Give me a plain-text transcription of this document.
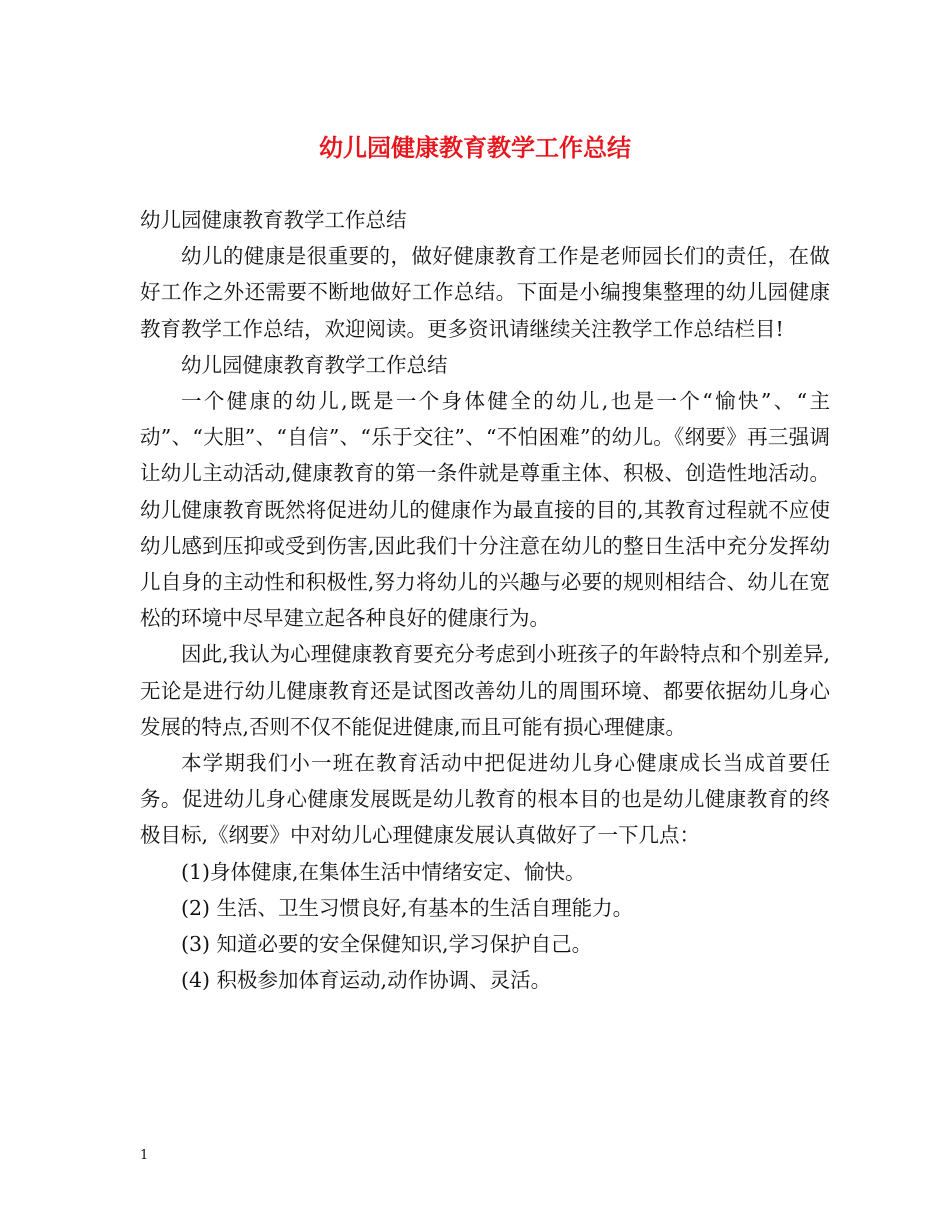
幼儿园健康教育教学工作总结

幼儿园健康教育教学工作总结

幼儿的健康是很重要的，做好健康教育工作是老师园长们的责任，在做好工作之外还需要不断地做好工作总结。下面是小编搜集整理的幼儿园健康教育教学工作总结，欢迎阅读。更多资讯请继续关注教学工作总结栏目!

幼儿园健康教育教学工作总结

一个健康的幼儿,既是一个身体健全的幼儿,也是一个“愉快”、“主动”、“大胆”、“自信”、“乐于交往”、“不怕困难”的幼儿。《纲要》再三强调让幼儿主动活动,健康教育的第一条件就是尊重主体、积极、创造性地活动。幼儿健康教育既然将促进幼儿的健康作为最直接的目的,其教育过程就不应使幼儿感到压抑或受到伤害,因此我们十分注意在幼儿的整日生活中充分发挥幼儿自身的主动性和积极性,努力将幼儿的兴趣与必要的规则相结合、幼儿在宽松的环境中尽早建立起各种良好的健康行为。

因此,我认为心理健康教育要充分考虑到小班孩子的年龄特点和个别差异,无论是进行幼儿健康教育还是试图改善幼儿的周围环境、都要依据幼儿身心发展的特点,否则不仅不能促进健康,而且可能有损心理健康。

本学期我们小一班在教育活动中把促进幼儿身心健康成长当成首要任务。促进幼儿身心健康发展既是幼儿教育的根本目的也是幼儿健康教育的终极目标,《纲要》中对幼儿心理健康发展认真做好了一下几点：

(1)身体健康,在集体生活中情绪安定、愉快。

(2) 生活、卫生习惯良好,有基本的生活自理能力。

(3) 知道必要的安全保健知识,学习保护自己。

(4) 积极参加体育运动,动作协调、灵活。

1
